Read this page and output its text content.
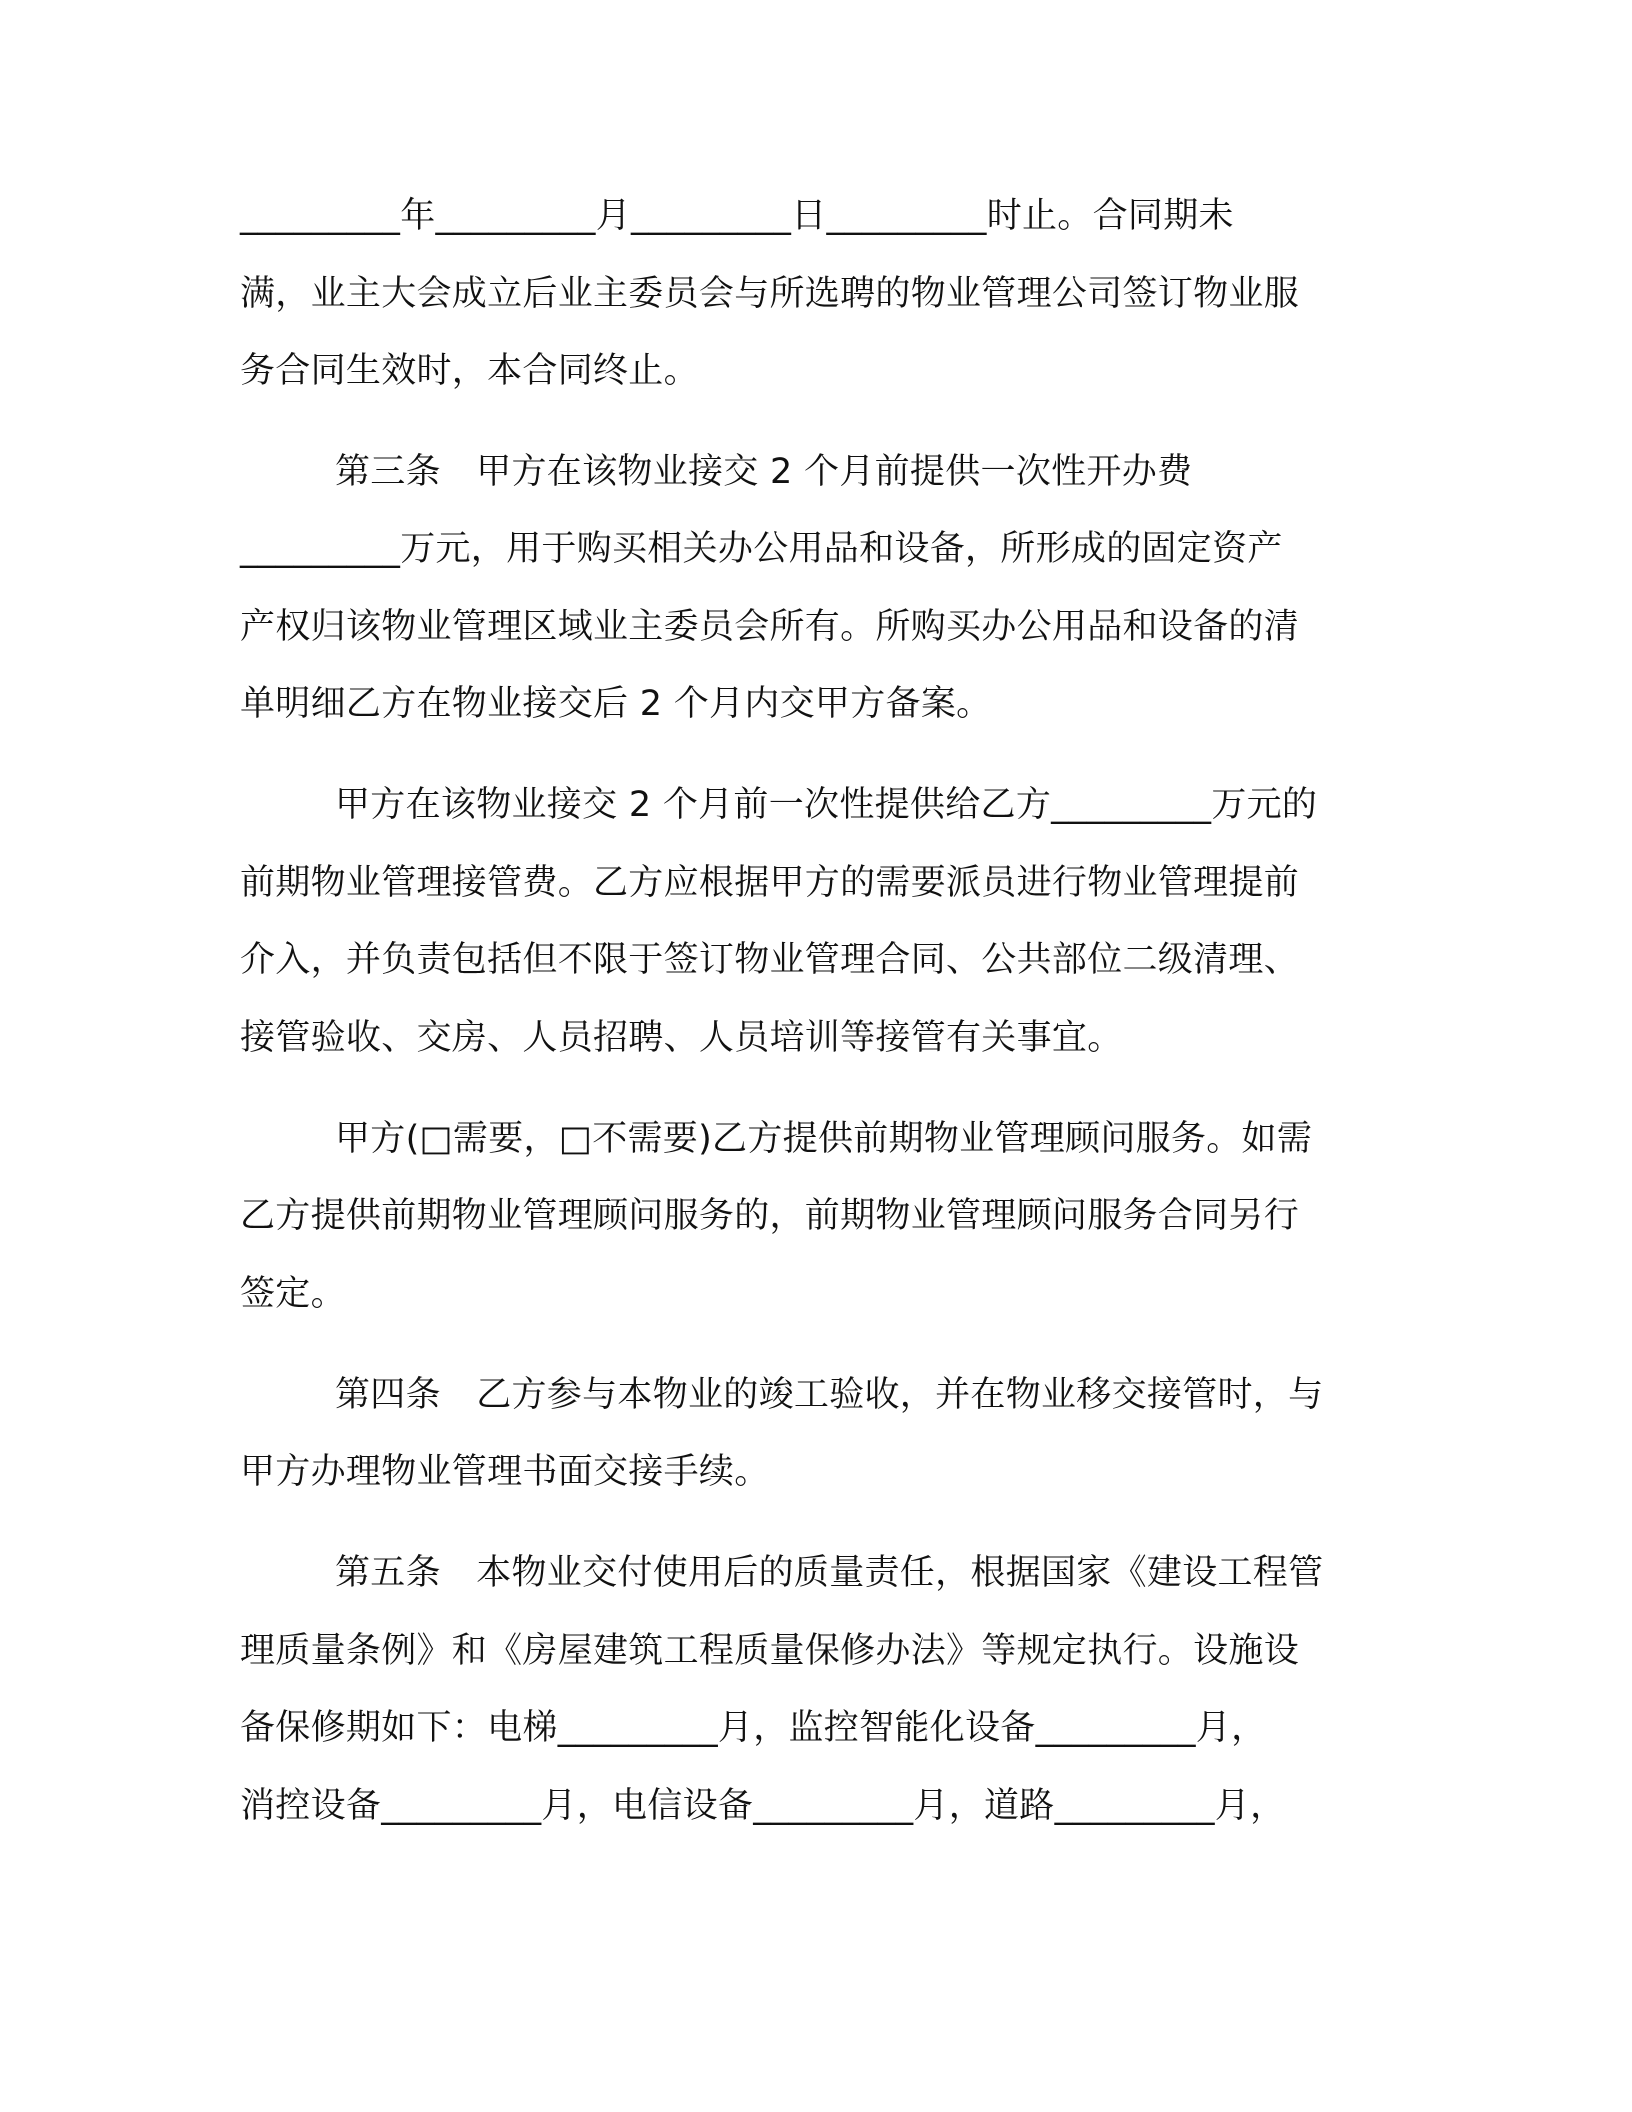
_________年_________月_________日_________时止。合同期未

满，业主大会成立后业主委员会与所选聘的物业管理公司签订物业服

务合同生效时，本合同终止。

第三条　甲方在该物业接交 2 个月前提供一次性开办费

_________万元，用于购买相关办公用品和设备，所形成的固定资产

产权归该物业管理区域业主委员会所有。所购买办公用品和设备的清

单明细乙方在物业接交后 2 个月内交甲方备案。

甲方在该物业接交 2 个月前一次性提供给乙方_________万元的

前期物业管理接管费。乙方应根据甲方的需要派员进行物业管理提前

介入，并负责包括但不限于签订物业管理合同、公共部位二级清理、

接管验收、交房、人员招聘、人员培训等接管有关事宜。

甲方(□需要，□不需要)乙方提供前期物业管理顾问服务。如需

乙方提供前期物业管理顾问服务的，前期物业管理顾问服务合同另行

签定。

第四条　乙方参与本物业的竣工验收，并在物业移交接管时，与

甲方办理物业管理书面交接手续。

第五条　本物业交付使用后的质量责任，根据国家《建设工程管

理质量条例》和《房屋建筑工程质量保修办法》等规定执行。设施设

备保修期如下：电梯_________月，监控智能化设备_________月，

消控设备_________月，电信设备_________月，道路_________月，
